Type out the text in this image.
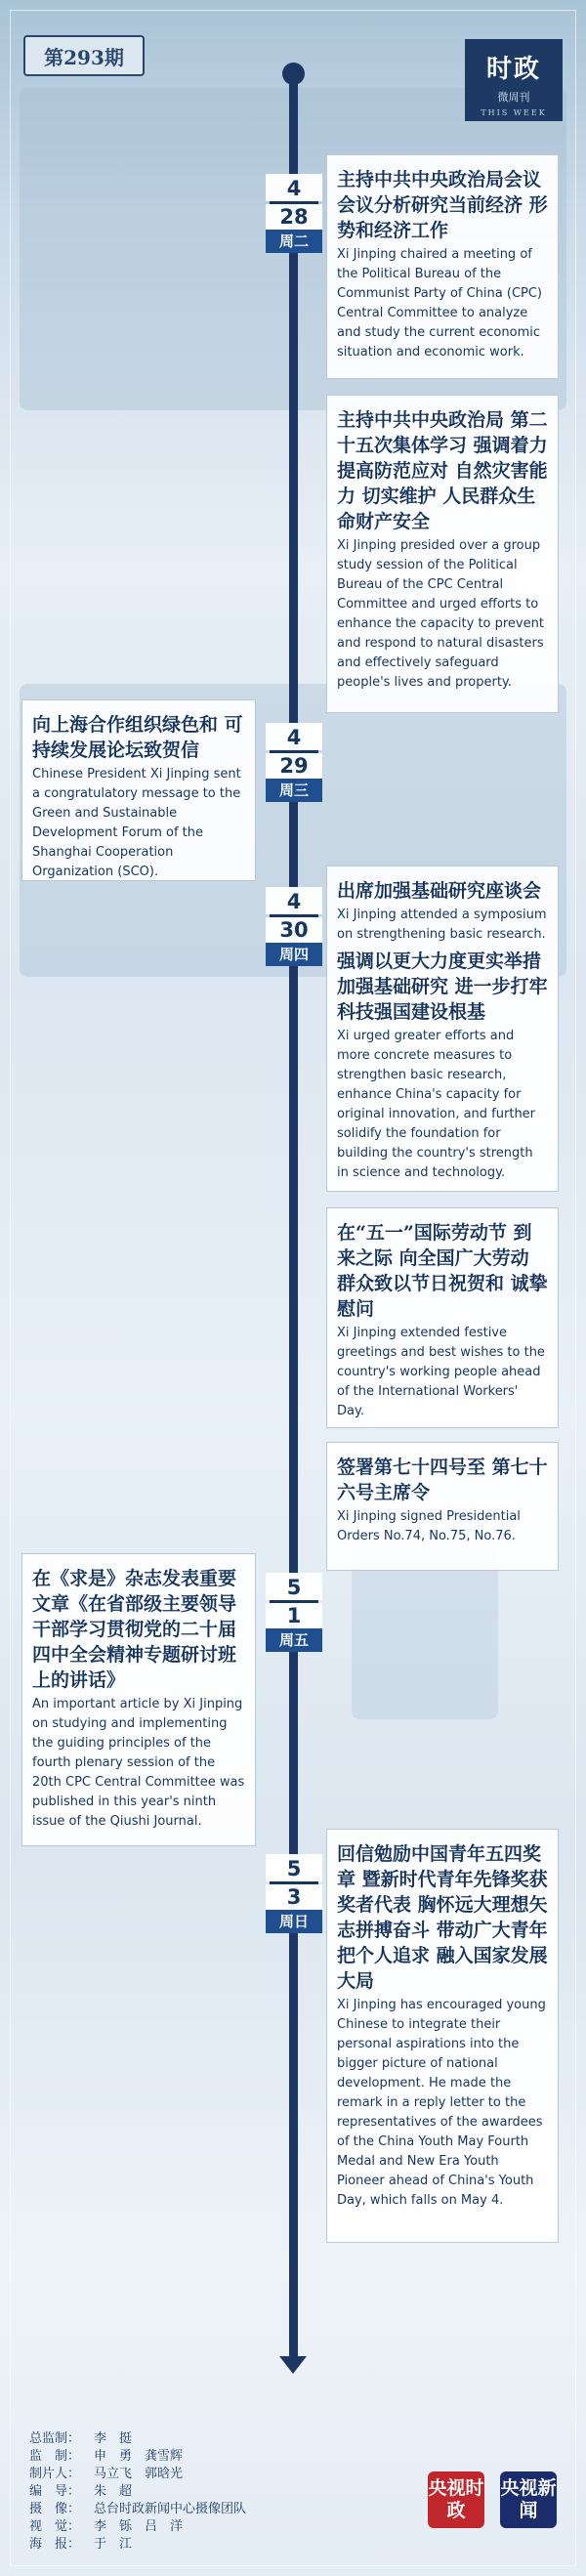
第293期	时政
微周刊
THIS WEEK
4
28
周二
4
29
周三
4
30
周四
5
1
周五
5
3
周日

主持中共中央政治局会议 会议分析研究当前经济 形势和经济工作

Xi Jinping chaired a meeting of the Political Bureau of the Communist Party of China (CPC) Central Committee to analyze and study the current economic situation and economic work.

主持中共中央政治局 第二十五次集体学习 强调着力提高防范应对 自然灾害能力 切实维护 人民群众生命财产安全

Xi Jinping presided over a group study session of the Political Bureau of the CPC Central Committee and urged efforts to enhance the capacity to prevent and respond to natural disasters and effectively safeguard people's lives and property.

向上海合作组织绿色和 可持续发展论坛致贺信

Chinese President Xi Jinping sent a congratulatory message to the Green and Sustainable Development Forum of the Shanghai Cooperation Organization (SCO).

出席加强基础研究座谈会

Xi Jinping attended a symposium on strengthening basic research.

强调以更大力度更实举措 加强基础研究 进一步打牢 科技强国建设根基

Xi urged greater efforts and more concrete measures to strengthen basic research, enhance China's capacity for original innovation, and further solidify the foundation for building the country's strength in science and technology.

在“五一”国际劳动节 到来之际 向全国广大劳动 群众致以节日祝贺和 诚挚慰问

Xi Jinping extended festive greetings and best wishes to the country's working people ahead of the International Workers' Day.

签署第七十四号至 第七十六号主席令

Xi Jinping signed Presidential Orders No.74, No.75, No.76.

在《求是》杂志发表重要 文章《在省部级主要领导 干部学习贯彻党的二十届 四中全会精神专题研讨班 上的讲话》

An important article by Xi Jinping on studying and implementing the guiding principles of the fourth plenary session of the 20th CPC Central Committee was published in this year's ninth issue of the Qiushi Journal.

回信勉励中国青年五四奖章 暨新时代青年先锋奖获 奖者代表 胸怀远大理想矢志拼搏奋斗 带动广大青年把个人追求 融入国家发展大局

Xi Jinping has encouraged young Chinese to integrate their personal aspirations into the bigger picture of national development. He made the remark in a reply letter to the representatives of the awardees of the China Youth May Fourth Medal and New Era Youth Pioneer ahead of China's Youth Day, which falls on May 4.

总监制： 李　挺
监　制： 申　勇　龚雪辉
制片人： 马立飞　郭晗光
编　导： 朱　超
摄　像： 总台时政新闻中心摄像团队
视　觉： 李　铄　吕　洋
海　报： 于　江
央视时政
央视新闻
